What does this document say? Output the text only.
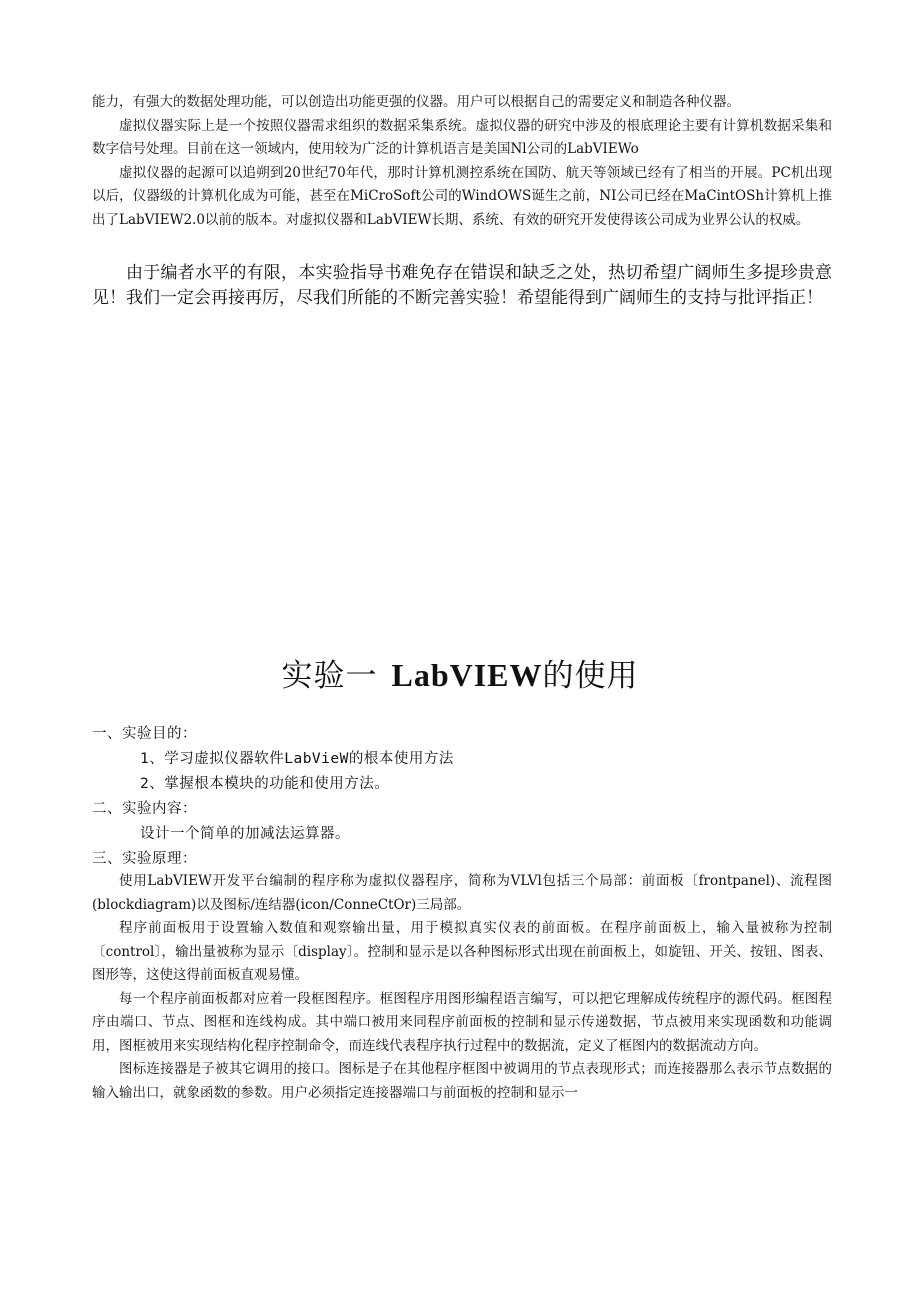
能力，有强大的数据处理功能，可以创造出功能更强的仪器。用户可以根据自己的需要定义和制造各种仪器。

虚拟仪器实际上是一个按照仪器需求组织的数据采集系统。虚拟仪器的研究中涉及的根底理论主要有计算机数据采集和数字信号处理。目前在这一领域内，使用较为广泛的计算机语言是美国Nl公司的LabVIEWo

虚拟仪器的起源可以追朔到20世纪70年代，那时计算机测控系统在国防、航天等领域已经有了相当的开展。PC机出现以后，仪器级的计算机化成为可能，甚至在MiCroSoft公司的WindOWS诞生之前，NI公司已经在MaCintOSh计算机上推出了LabVIEW2.0以前的版本。对虚拟仪器和LabVIEW长期、系统、有效的研究开发使得该公司成为业界公认的权威。

由于编者水平的有限，本实验指导书难免存在错误和缺乏之处，热切希望广阔师生多提珍贵意见！我们一定会再接再厉，尽我们所能的不断完善实验！希望能得到广阔师生的支持与批评指正！

实验一 LabVIEW的使用

一、实验目的：

1、学习虚拟仪器软件LabVieW的根本使用方法

2、掌握根本模块的功能和使用方法。

二、实验内容：

设计一个简单的加减法运算器。

三、实验原理：

使用LabVIEW开发平台编制的程序称为虚拟仪器程序，简称为VLVl包括三个局部：前面板〔frontpanel)、流程图(blockdiagram)以及图标/连结器(icon/ConneCtOr)三局部。

程序前面板用于设置输入数值和观察输出量，用于模拟真实仪表的前面板。在程序前面板上，输入量被称为控制〔control〕，输出量被称为显示〔display〕。控制和显示是以各种图标形式出现在前面板上，如旋钮、开关、按钮、图表、图形等，这使这得前面板直观易懂。

每一个程序前面板都对应着一段框图程序。框图程序用图形编程语言编写，可以把它理解成传统程序的源代码。框图程序由端口、节点、图框和连线构成。其中端口被用来同程序前面板的控制和显示传递数据，节点被用来实现函数和功能调用，图框被用来实现结构化程序控制命令，而连线代表程序执行过程中的数据流，定义了框图内的数据流动方向。

图标连接器是子被其它调用的接口。图标是子在其他程序框图中被调用的节点表现形式；而连接器那么表示节点数据的输入输出口，就象函数的参数。用户必须指定连接器端口与前面板的控制和显示一
